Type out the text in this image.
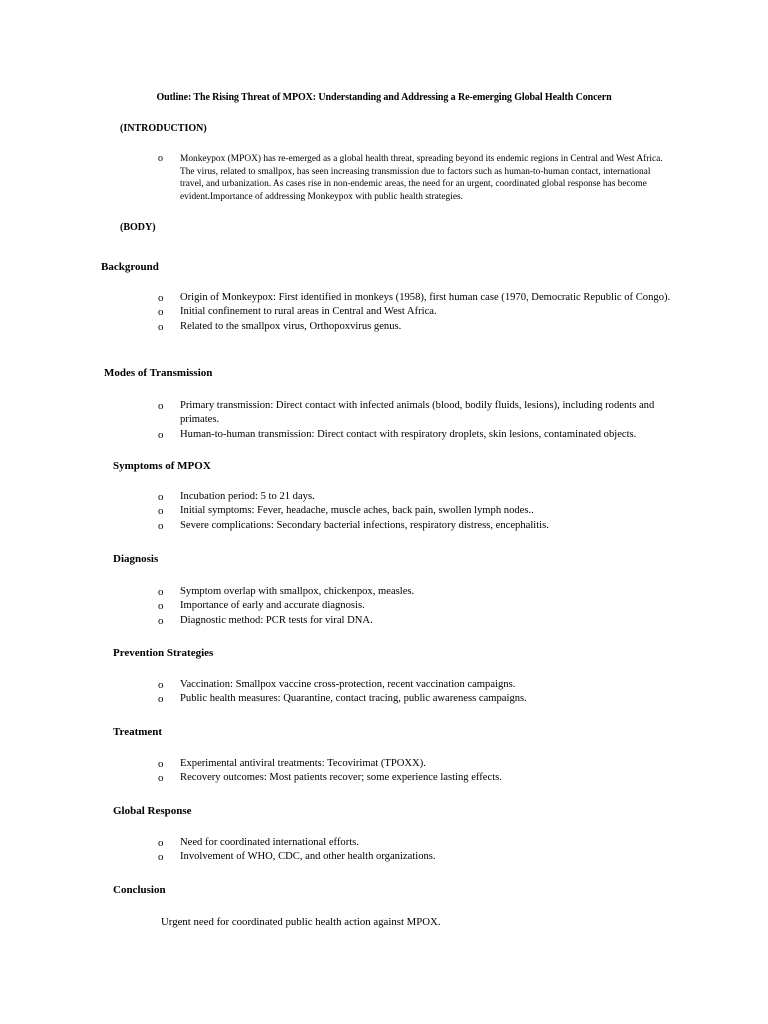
Outline: The Rising Threat of MPOX: Understanding and Addressing a Re-emerging Global Health Concern
(INTRODUCTION)
o Monkeypox (MPOX) has re-emerged as a global health threat, spreading beyond its endemic regions in Central and West Africa. The virus, related to smallpox, has seen increasing transmission due to factors such as human-to-human contact, international travel, and urbanization. As cases rise in non-endemic areas, the need for an urgent, coordinated global response has become evident.Importance of addressing Monkeypox with public health strategies.
(BODY)
Background
o Origin of Monkeypox: First identified in monkeys (1958), first human case (1970, Democratic Republic of Congo).
o Initial confinement to rural areas in Central and West Africa.
o Related to the smallpox virus, Orthopoxvirus genus.
Modes of Transmission
o Primary transmission: Direct contact with infected animals (blood, bodily fluids, lesions), including rodents and primates.
o Human-to-human transmission: Direct contact with respiratory droplets, skin lesions, contaminated objects.
Symptoms of MPOX
o Incubation period: 5 to 21 days.
o Initial symptoms: Fever, headache, muscle aches, back pain, swollen lymph nodes..
o Severe complications: Secondary bacterial infections, respiratory distress, encephalitis.
Diagnosis
o Symptom overlap with smallpox, chickenpox, measles.
o Importance of early and accurate diagnosis.
o Diagnostic method: PCR tests for viral DNA.
Prevention Strategies
o Vaccination: Smallpox vaccine cross-protection, recent vaccination campaigns.
o Public health measures: Quarantine, contact tracing, public awareness campaigns.
Treatment
o Experimental antiviral treatments: Tecovirimat (TPOXX).
o Recovery outcomes: Most patients recover; some experience lasting effects.
Global Response
o Need for coordinated international efforts.
o Involvement of WHO, CDC, and other health organizations.
Conclusion
Urgent need for coordinated public health action against MPOX.
